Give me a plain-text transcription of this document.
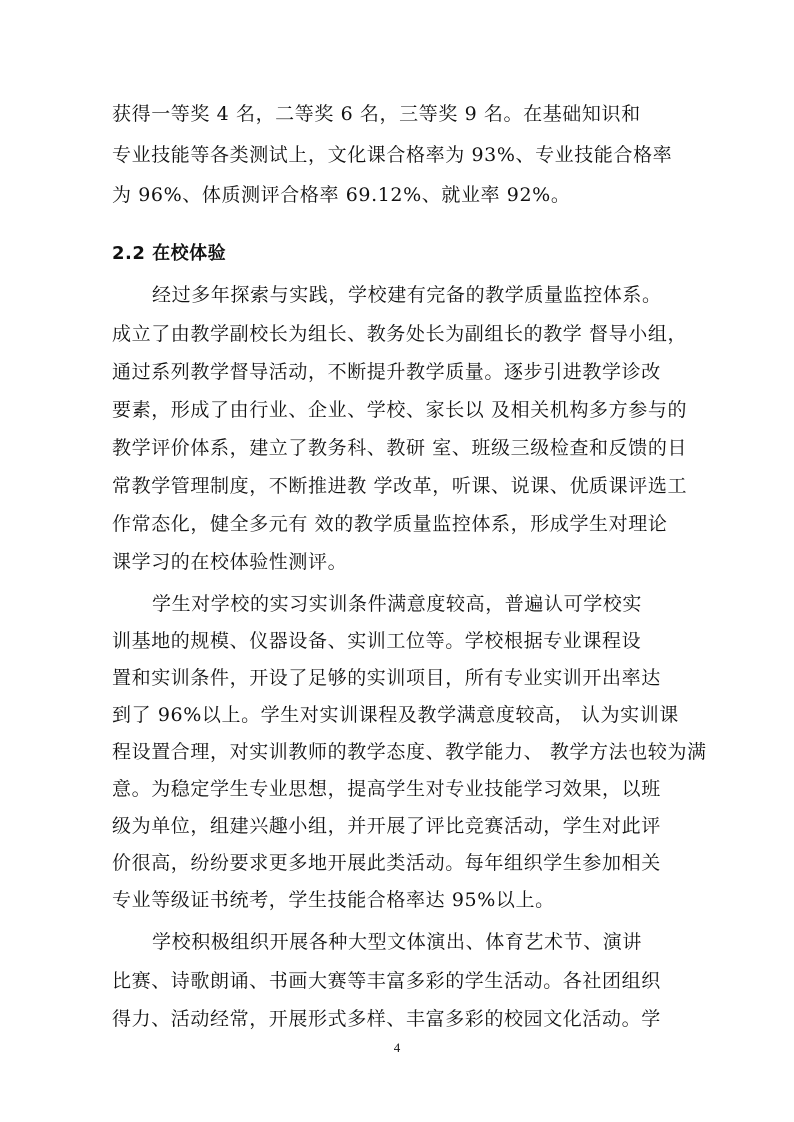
获得一等奖 4 名，二等奖 6 名，三等奖 9 名。在基础知识和
专业技能等各类测试上，文化课合格率为 93%、专业技能合格率
为 96%、体质测评合格率 69.12%、就业率 92%。
2.2 在校体验
经过多年探索与实践，学校建有完备的教学质量监控体系。
成立了由教学副校长为组长、教务处长为副组长的教学 督导小组，
通过系列教学督导活动，不断提升教学质量。逐步引进教学诊改
要素，形成了由行业、企业、学校、家长以 及相关机构多方参与的
教学评价体系，建立了教务科、教研 室、班级三级检查和反馈的日
常教学管理制度，不断推进教 学改革，听课、说课、优质课评选工
作常态化，健全多元有 效的教学质量监控体系，形成学生对理论
课学习的在校体验性测评。
学生对学校的实习实训条件满意度较高，普遍认可学校实
训基地的规模、仪器设备、实训工位等。学校根据专业课程设
置和实训条件，开设了足够的实训项目，所有专业实训开出率达
到了 96%以上。学生对实训课程及教学满意度较高， 认为实训课
程设置合理，对实训教师的教学态度、教学能力、 教学方法也较为满
意。为稳定学生专业思想，提高学生对专业技能学习效果，以班
级为单位，组建兴趣小组，并开展了评比竞赛活动，学生对此评
价很高，纷纷要求更多地开展此类活动。每年组织学生参加相关
专业等级证书统考，学生技能合格率达 95%以上。
学校积极组织开展各种大型文体演出、体育艺术节、演讲
比赛、诗歌朗诵、书画大赛等丰富多彩的学生活动。各社团组织
得力、活动经常，开展形式多样、丰富多彩的校园文化活动。学
4
